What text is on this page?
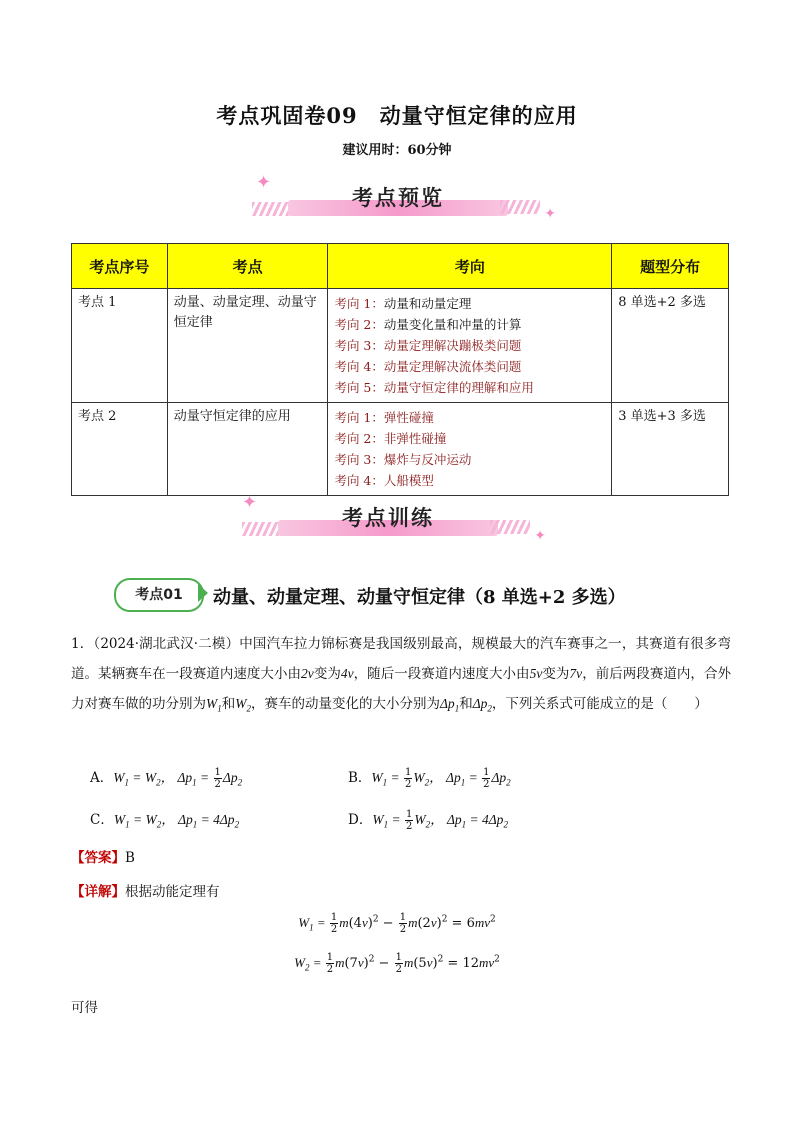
考点巩固卷09　动量守恒定律的应用
建议用时：60分钟
✦
✦
考点预览
考点序号	考点	考向	题型分布
考点 1	动量、动量定理、动量守恒定律	考向 1：动量和动量定理
考向 2：动量变化量和冲量的计算
考向 3：动量定理解决蹦极类问题
考向 4：动量定理解决流体类问题
考向 5：动量守恒定律的理解和应用	8 单选+2 多选
考点 2	动量守恒定律的应用	考向 1：弹性碰撞
考向 2：非弹性碰撞
考向 3：爆炸与反冲运动
考向 4：人船模型	3 单选+3 多选
✦
✦
考点训练
考点01	动量、动量定理、动量守恒定律（8 单选+2 多选）
1．（2024·湖北武汉·二模）中国汽车拉力锦标赛是我国级别最高，规模最大的汽车赛事之一，其赛道有很多弯道。某辆赛车在一段赛道内速度大小由2v变为4v，随后一段赛道内速度大小由5v变为7v，前后两段赛道内，合外力对赛车做的功分别为$W_1$和$W_2$，赛车的动量变化的大小分别为$\Delta p_1$和$\Delta p_2$，下列关系式可能成立的是（　　）
A．$W_1 = W_2$， $\Delta p_1 = \frac{1}{2} \Delta p_2$	B．$W_1 = \frac{1}{2} W_2$， $\Delta p_1 = \frac{1}{2} \Delta p_2$
C．$W_1 = W_2$， $\Delta p_1 = 4\Delta p_2$	D．$W_1 = \frac{1}{2} W_2$， $\Delta p_1 = 4\Delta p_2$
【答案】B
【详解】根据动能定理有
$W_1 = \frac{1}{2} m(4v)^2 - \frac{1}{2} m(2v)^2 = 6mv^2$
$W_2 = \frac{1}{2} m(7v)^2 - \frac{1}{2} m(5v)^2 = 12mv^2$
可得
